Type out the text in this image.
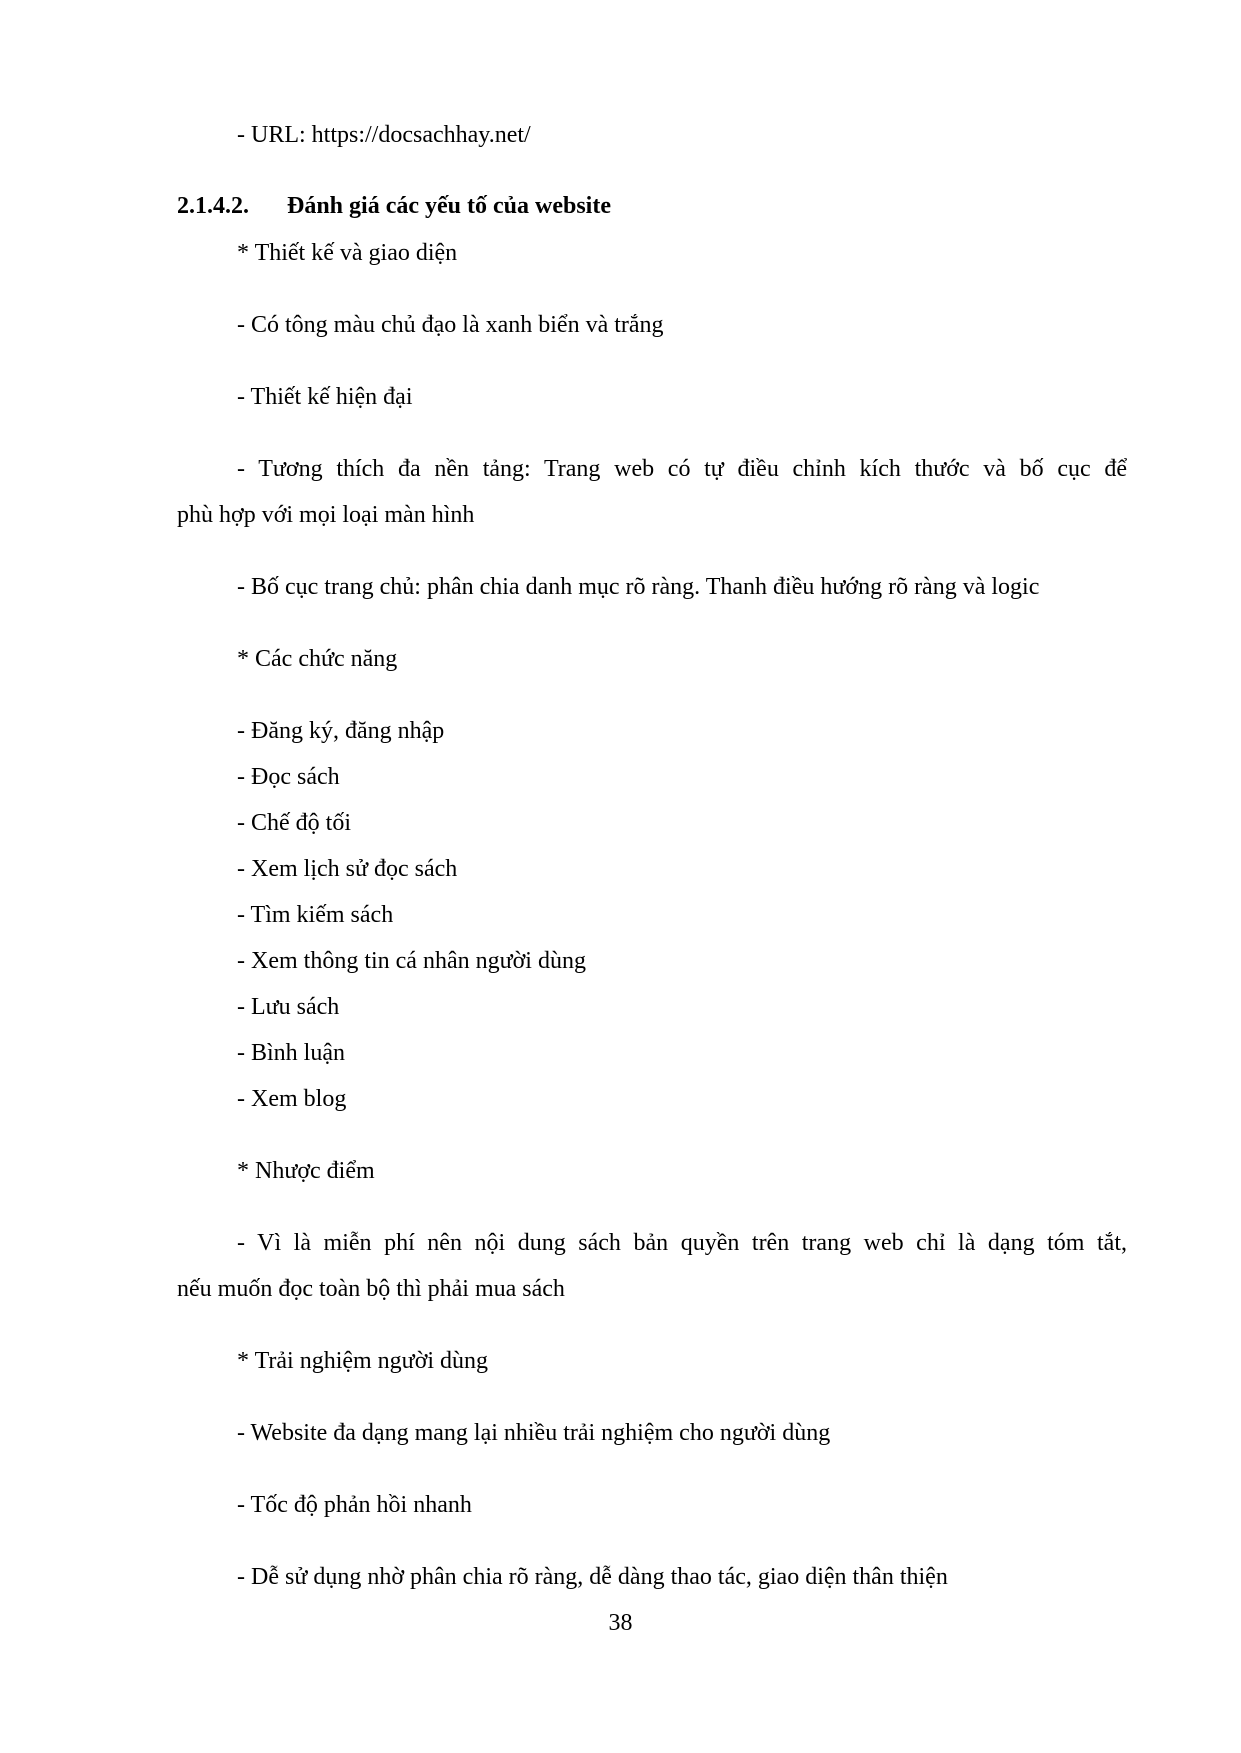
- URL: https://docsachhay.net/
2.1.4.2. Đánh giá các yếu tố của website
* Thiết kế và giao diện
- Có tông màu chủ đạo là xanh biển và trắng
- Thiết kế hiện đại
- Tương thích đa nền tảng: Trang web có tự điều chỉnh kích thước và bố cục để
phù hợp với mọi loại màn hình
- Bố cục trang chủ: phân chia danh mục rõ ràng. Thanh điều hướng rõ ràng và logic
* Các chức năng
- Đăng ký, đăng nhập
- Đọc sách
- Chế độ tối
- Xem lịch sử đọc sách
- Tìm kiếm sách
- Xem thông tin cá nhân người dùng
- Lưu sách
- Bình luận
- Xem blog
* Nhược điểm
- Vì là miễn phí nên nội dung sách bản quyền trên trang web chỉ là dạng tóm tắt,
nếu muốn đọc toàn bộ thì phải mua sách
* Trải nghiệm người dùng
- Website đa dạng mang lại nhiều trải nghiệm cho người dùng
- Tốc độ phản hồi nhanh
- Dễ sử dụng nhờ phân chia rõ ràng, dễ dàng thao tác, giao diện thân thiện
38
